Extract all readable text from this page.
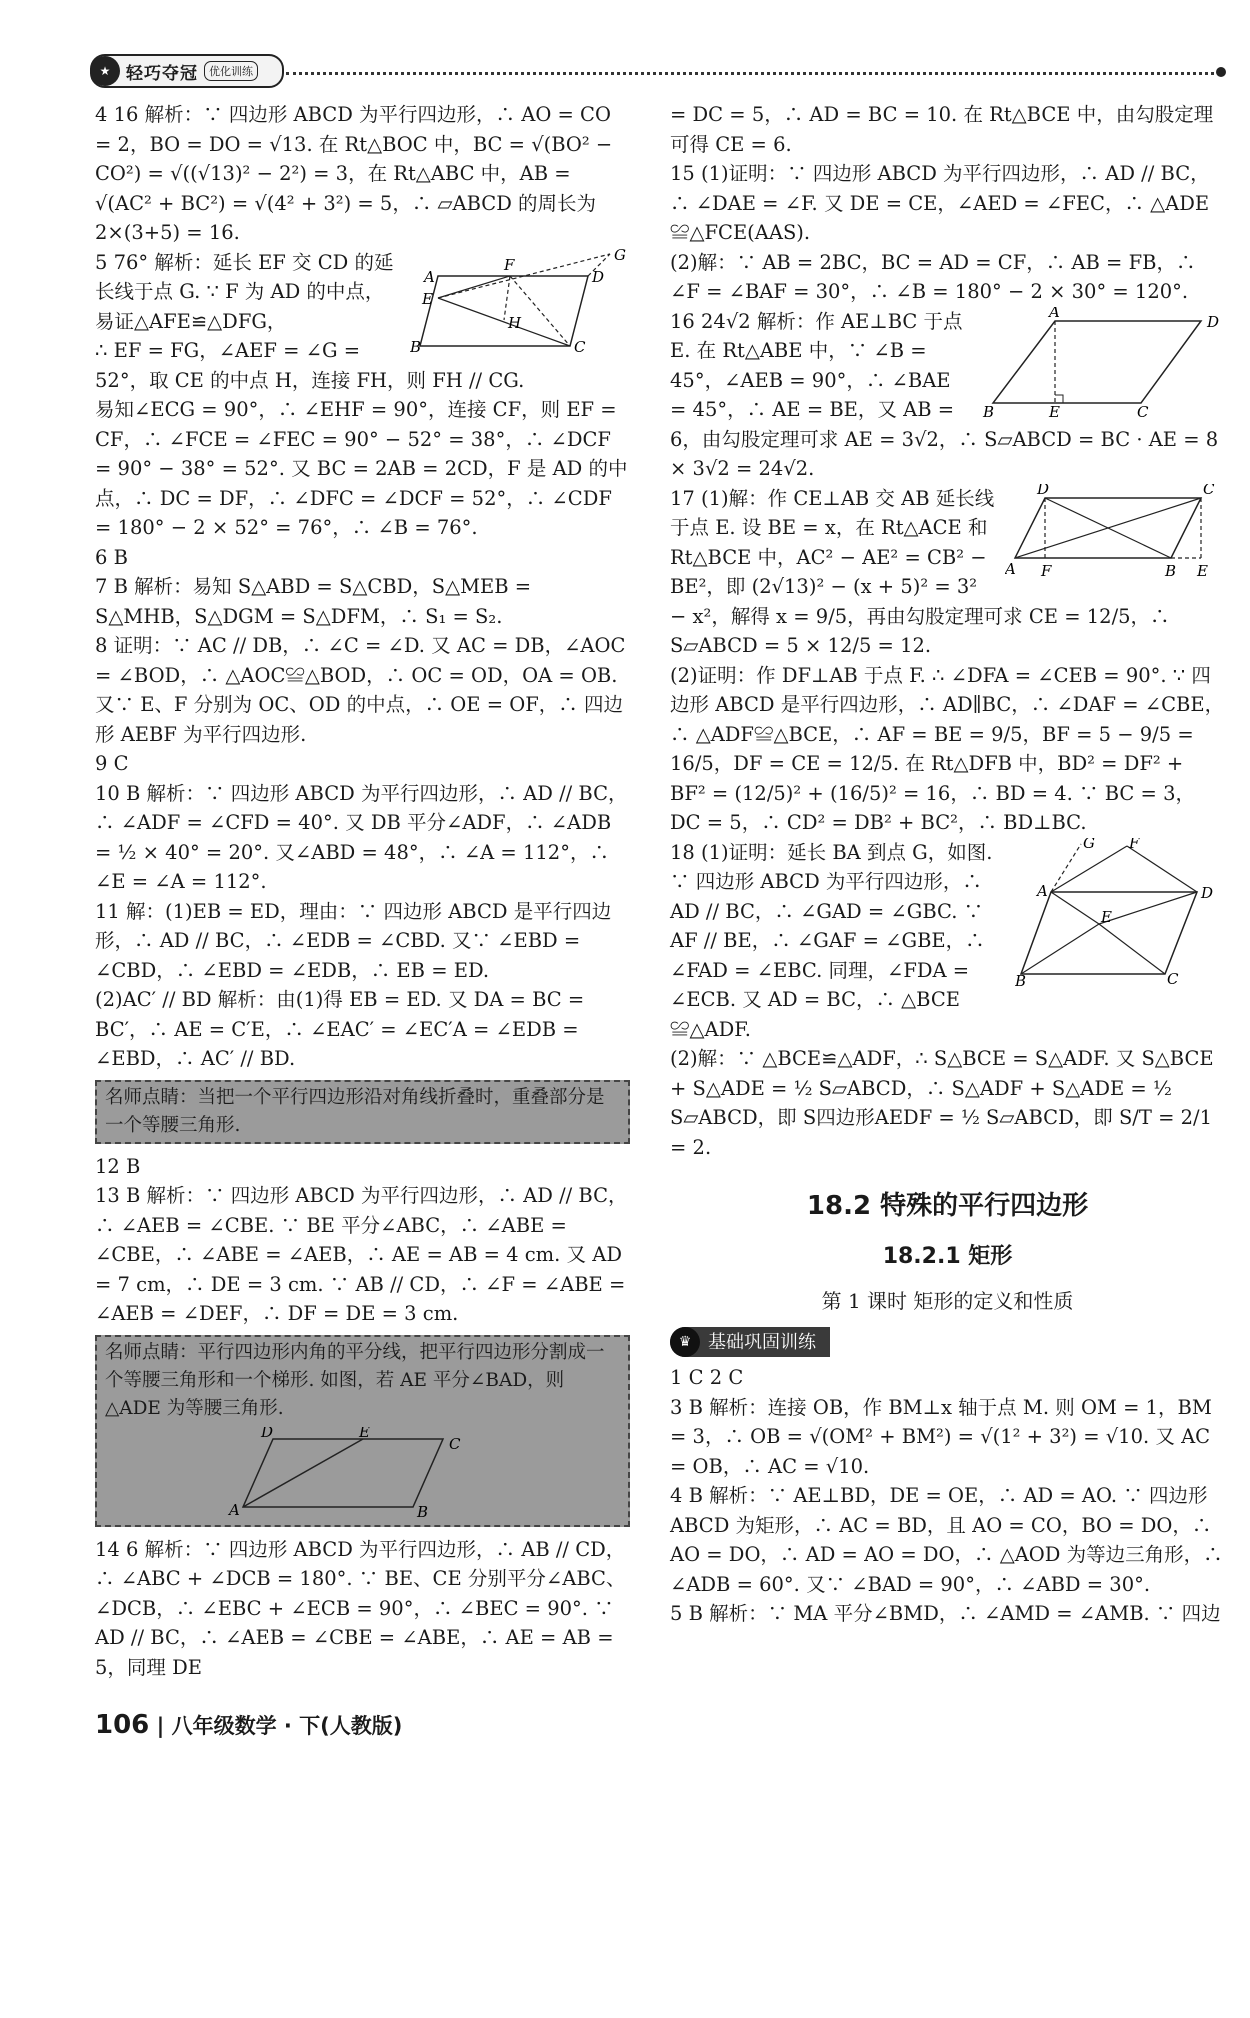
★ 轻巧夺冠	优化训练

4 16 解析：∵ 四边形 ABCD 为平行四边形，∴ AO = CO = 2，BO = DO = √13. 在 Rt△BOC 中，BC = √(BO² − CO²) = √((√13)² − 2²) = 3，在 Rt△ABC 中，AB = √(AC² + BC²) = √(4² + 3²) = 5，∴ ▱ABCD 的周长为 2×(3+5) = 16.

G
F
A	D
E
H
B	C

5 76° 解析：延长 EF 交 CD 的延长线于点 G. ∵ F 为 AD 的中点，易证△AFE≌△DFG，

∴ EF = FG，∠AEF = ∠G = 52°，取 CE 的中点 H，连接 FH，则 FH // CG.

易知∠ECG = 90°，∴ ∠EHF = 90°，连接 CF，则 EF = CF，∴ ∠FCE = ∠FEC = 90° − 52° = 38°，∴ ∠DCF = 90° − 38° = 52°. 又 BC = 2AB = 2CD，F 是 AD 的中点，∴ DC = DF，∴ ∠DFC = ∠DCF = 52°，∴ ∠CDF = 180° − 2 × 52° = 76°，∴ ∠B = 76°.

6 B

7 B 解析：易知 S△ABD = S△CBD，S△MEB = S△MHB，S△DGM = S△DFM，∴ S₁ = S₂.

8 证明：∵ AC // DB，∴ ∠C = ∠D. 又 AC = DB，∠AOC = ∠BOD，∴ △AOC≌△BOD，∴ OC = OD，OA = OB. 又∵ E、F 分别为 OC、OD 的中点，∴ OE = OF，∴ 四边形 AEBF 为平行四边形.

9 C

10 B 解析：∵ 四边形 ABCD 为平行四边形，∴ AD // BC，∴ ∠ADF = ∠CFD = 40°. 又 DB 平分∠ADF，∴ ∠ADB = ½ × 40° = 20°. 又∠ABD = 48°，∴ ∠A = 112°，∴ ∠E = ∠A = 112°.

11 解：(1)EB = ED，理由：∵ 四边形 ABCD 是平行四边形，∴ AD // BC，∴ ∠EDB = ∠CBD. 又∵ ∠EBD = ∠CBD，∴ ∠EBD = ∠EDB，∴ EB = ED.

(2)AC′ // BD 解析：由(1)得 EB = ED. 又 DA = BC = BC′，∴ AE = C′E，∴ ∠EAC′ = ∠EC′A = ∠EDB = ∠EBD，∴ AC′ // BD.

名师点睛：当把一个平行四边形沿对角线折叠时，重叠部分是一个等腰三角形.

12 B

13 B 解析：∵ 四边形 ABCD 为平行四边形，∴ AD // BC，∴ ∠AEB = ∠CBE. ∵ BE 平分∠ABC，∴ ∠ABE = ∠CBE，∴ ∠ABE = ∠AEB，∴ AE = AB = 4 cm. 又 AD = 7 cm，∴ DE = 3 cm. ∵ AB // CD，∴ ∠F = ∠ABE = ∠AEB = ∠DEF，∴ DF = DE = 3 cm.

名师点睛：平行四边形内角的平分线，把平行四边形分割成一个等腰三角形和一个梯形. 如图，若 AE 平分∠BAD，则△ADE 为等腰三角形.
D	E
C
A	B

14 6 解析：∵ 四边形 ABCD 为平行四边形，∴ AB // CD，∴ ∠ABC + ∠DCB = 180°. ∵ BE、CE 分别平分∠ABC、∠DCB，∴ ∠EBC + ∠ECB = 90°，∴ ∠BEC = 90°. ∵ AD // BC，∴ ∠AEB = ∠CBE = ∠ABE，∴ AE = AB = 5，同理 DE

= DC = 5，∴ AD = BC = 10. 在 Rt△BCE 中，由勾股定理可得 CE = 6.

15 (1)证明：∵ 四边形 ABCD 为平行四边形，∴ AD // BC，∴ ∠DAE = ∠F. 又 DE = CE，∠AED = ∠FEC，∴ △ADE ≌△FCE(AAS).

(2)解：∵ AB = 2BC，BC = AD = CF，∴ AB = FB，∴ ∠F = ∠BAF = 30°，∴ ∠B = 180° − 2 × 30° = 120°.

A
D
B	E	C

16 24√2 解析：作 AE⊥BC 于点 E. 在 Rt△ABE 中，∵ ∠B = 45°，∠AEB = 90°，∴ ∠BAE = 45°，∴ AE = BE，又 AB = 6，由勾股定理可求 AE = 3√2，∴ S▱ABCD = BC · AE = 8 × 3√2 = 24√2.

D	C
A F	B E

17 (1)解：作 CE⊥AB 交 AB 延长线于点 E. 设 BE = x，在 Rt△ACE 和 Rt△BCE 中，AC² − AE² = CB² − BE²，即 (2√13)² − (x + 5)² = 3² − x²，解得 x = 9/5，再由勾股定理可求 CE = 12/5，∴ S▱ABCD = 5 × 12/5 = 12.

(2)证明：作 DF⊥AB 于点 F. ∴ ∠DFA = ∠CEB = 90°. ∵ 四边形 ABCD 是平行四边形，∴ AD∥BC，∴ ∠DAF = ∠CBE，∴ △ADF≌△BCE，∴ AF = BE = 9/5，BF = 5 − 9/5 = 16/5，DF = CE = 12/5. 在 Rt△DFB 中，BD² = DF² + BF² = (12/5)² + (16/5)² = 16，∴ BD = 4. ∵ BC = 3，DC = 5，∴ CD² = DB² + BC²，∴ BD⊥BC.

G F
A	D
E
B	C

18 (1)证明：延长 BA 到点 G，如图. ∵ 四边形 ABCD 为平行四边形，∴ AD // BC，∴ ∠GAD = ∠GBC. ∵ AF // BE，∴ ∠GAF = ∠GBE，∴ ∠FAD = ∠EBC. 同理，∠FDA = ∠ECB. 又 AD = BC，∴ △BCE ≌△ADF.

(2)解：∵ △BCE≌△ADF，∴ S△BCE = S△ADF. 又 S△BCE + S△ADE = ½ S▱ABCD，∴ S△ADF + S△ADE = ½ S▱ABCD，即 S四边形AEDF = ½ S▱ABCD，即 S/T = 2/1 = 2.

18.2 特殊的平行四边形
18.2.1 矩形
第 1 课时 矩形的定义和性质
♛ 基础巩固训练

1 C 2 C

3 B 解析：连接 OB，作 BM⊥x 轴于点 M. 则 OM = 1，BM = 3，∴ OB = √(OM² + BM²) = √(1² + 3²) = √10. 又 AC = OB，∴ AC = √10.

4 B 解析：∵ AE⊥BD，DE = OE，∴ AD = AO. ∵ 四边形 ABCD 为矩形，∴ AC = BD，且 AO = CO，BO = DO，∴ AO = DO，∴ AD = AO = DO，∴ △AOD 为等边三角形，∴ ∠ADB = 60°. 又∵ ∠BAD = 90°，∴ ∠ABD = 30°.

5 B 解析：∵ MA 平分∠BMD，∴ ∠AMD = ∠AMB. ∵ 四边

106 | 八年级数学 · 下(人教版)
